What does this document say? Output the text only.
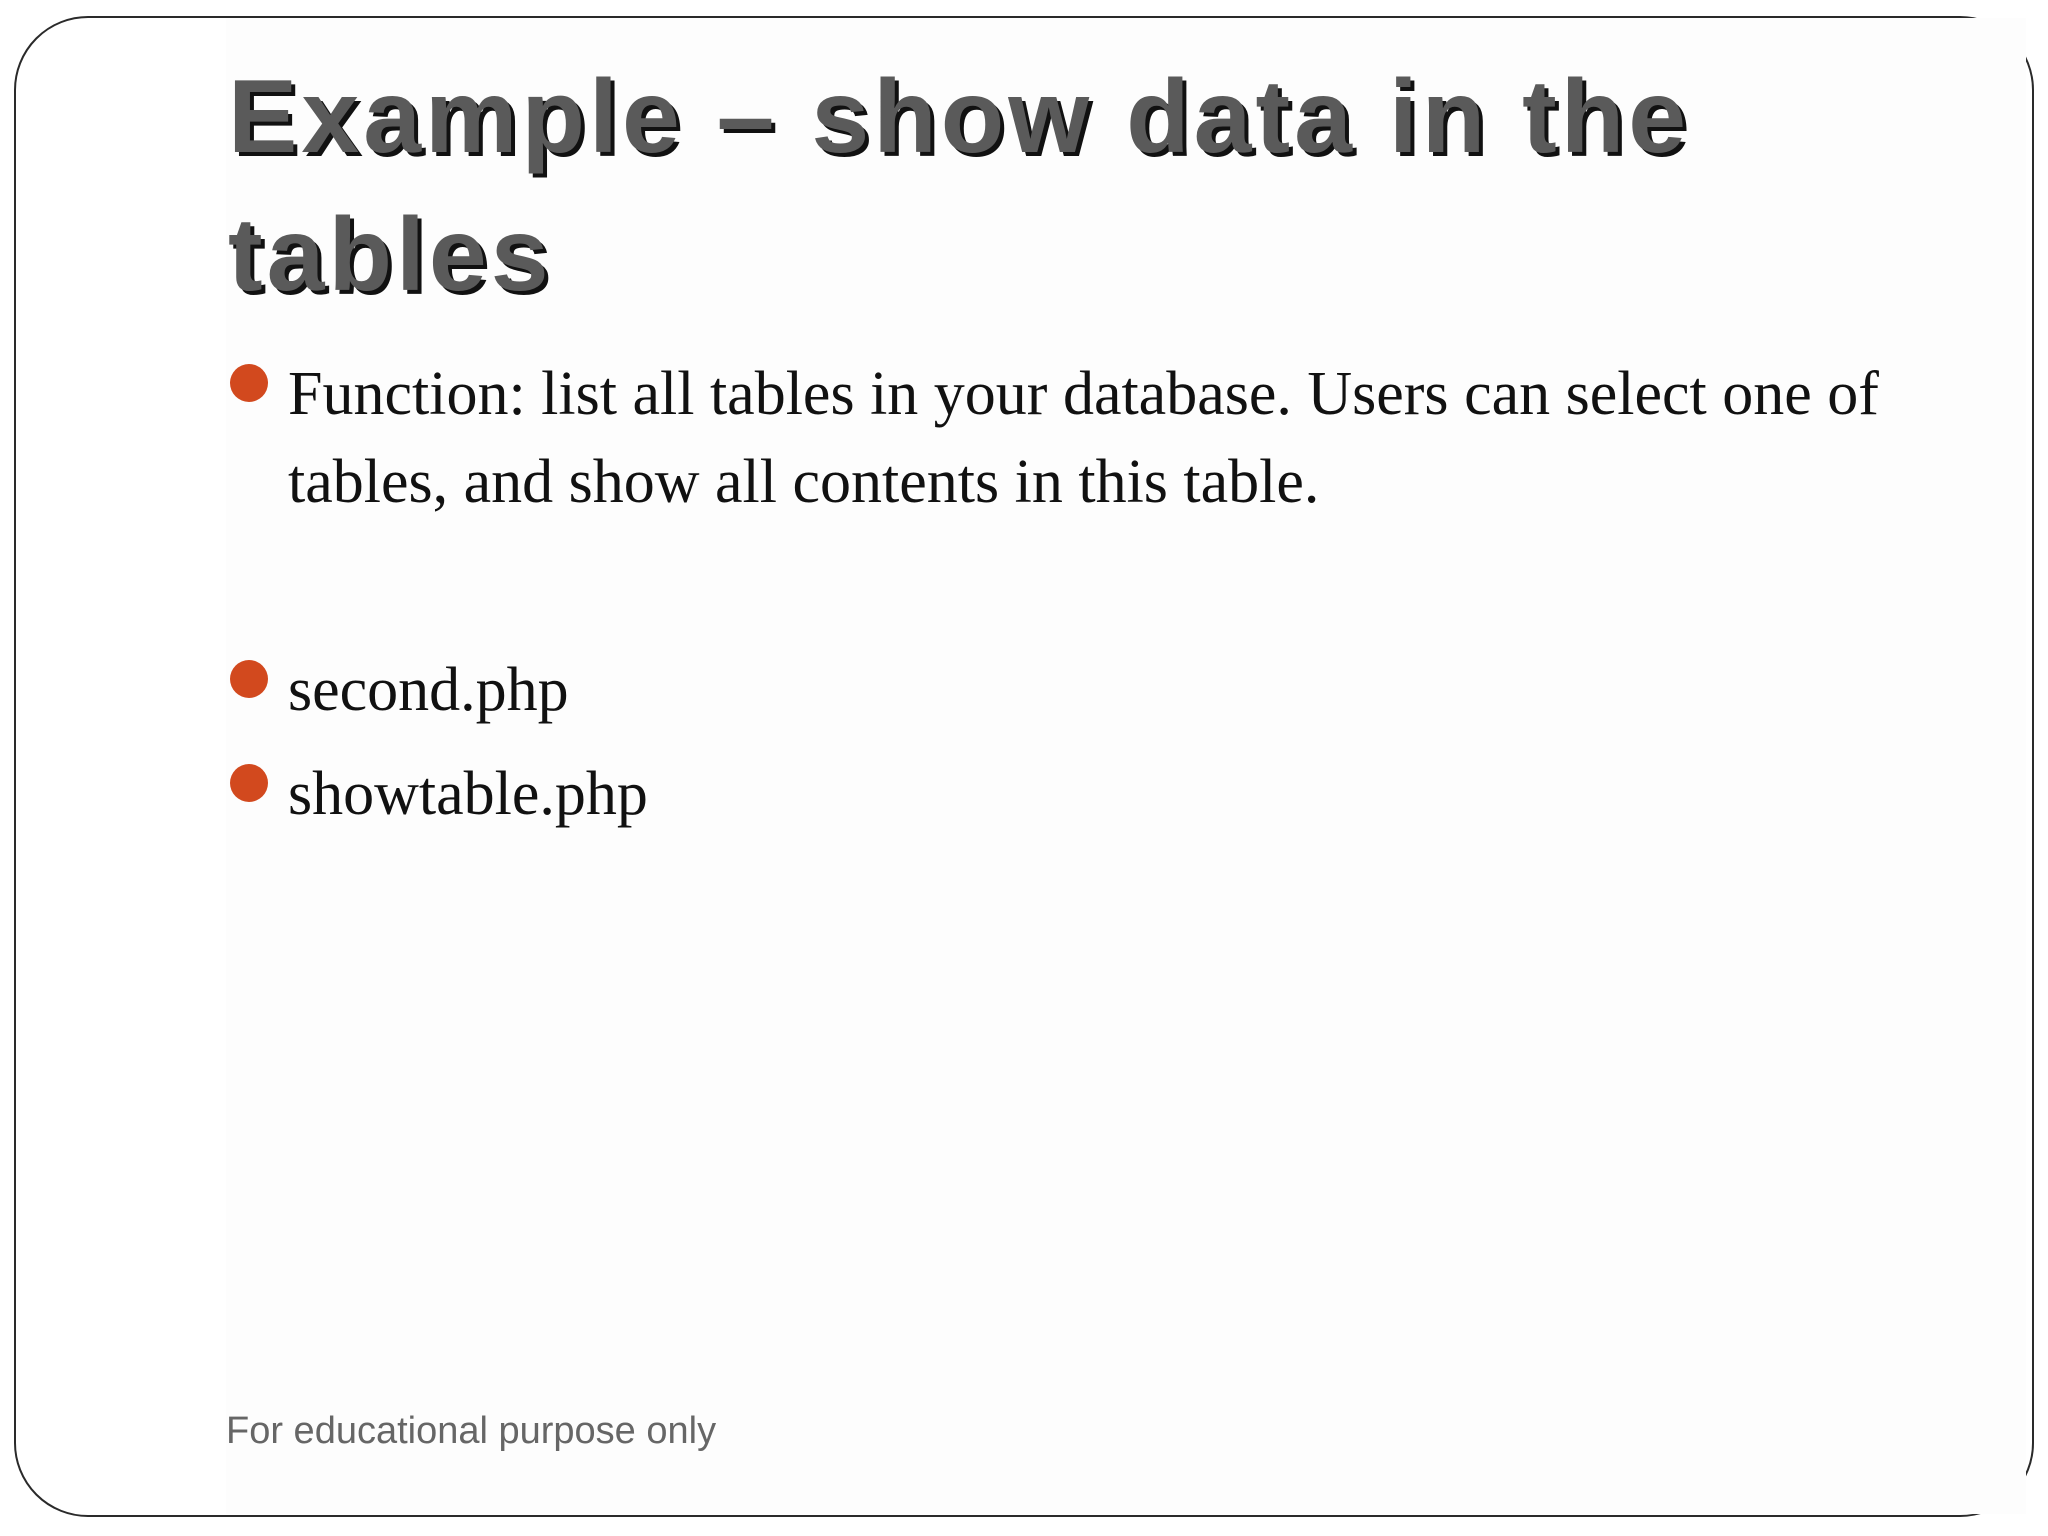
Example – show data in the tables
Function: list all tables in your database. Users can select one of tables, and show all contents in this table.
second.php
showtable.php

For educational purpose only
